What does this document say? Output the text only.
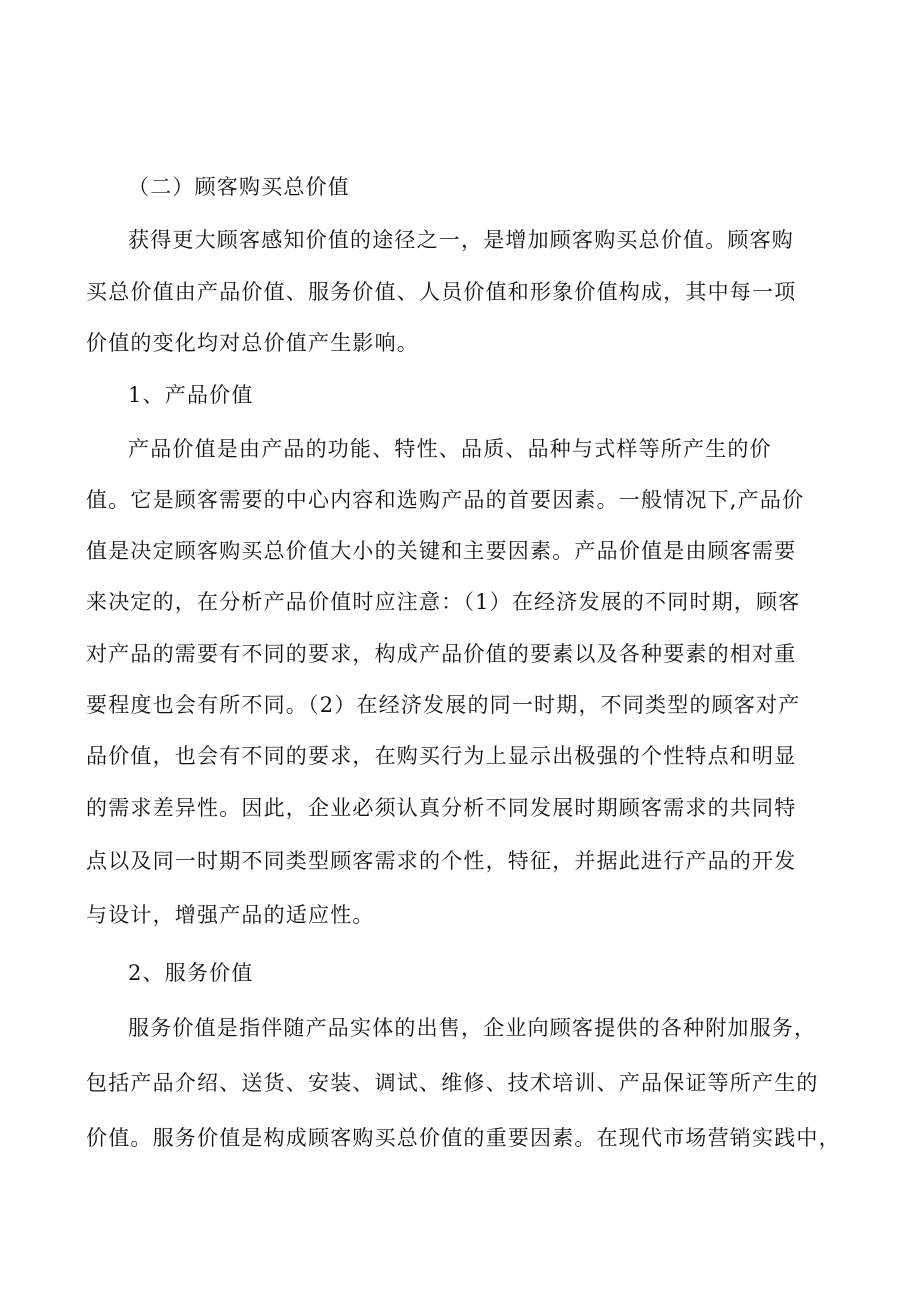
（二）顾客购买总价值
获得更大顾客感知价值的途径之一，是增加顾客购买总价值。顾客购
买总价值由产品价值、服务价值、人员价值和形象价值构成，其中每一项
价值的变化均对总价值产生影响。
1、产品价值
产品价值是由产品的功能、特性、品质、品种与式样等所产生的价
值。它是顾客需要的中心内容和选购产品的首要因素。一般情况下,产品价
值是决定顾客购买总价值大小的关键和主要因素。产品价值是由顾客需要
来决定的，在分析产品价值时应注意：（1）在经济发展的不同时期，顾客
对产品的需要有不同的要求，构成产品价值的要素以及各种要素的相对重
要程度也会有所不同。（2）在经济发展的同一时期，不同类型的顾客对产
品价值，也会有不同的要求，在购买行为上显示出极强的个性特点和明显
的需求差异性。因此，企业必须认真分析不同发展时期顾客需求的共同特
点以及同一时期不同类型顾客需求的个性，特征，并据此进行产品的开发
与设计，增强产品的适应性。
2、服务价值
服务价值是指伴随产品实体的出售，企业向顾客提供的各种附加服务，
包括产品介绍、送货、安装、调试、维修、技术培训、产品保证等所产生的
价值。服务价值是构成顾客购买总价值的重要因素。在现代市场营销实践中，
